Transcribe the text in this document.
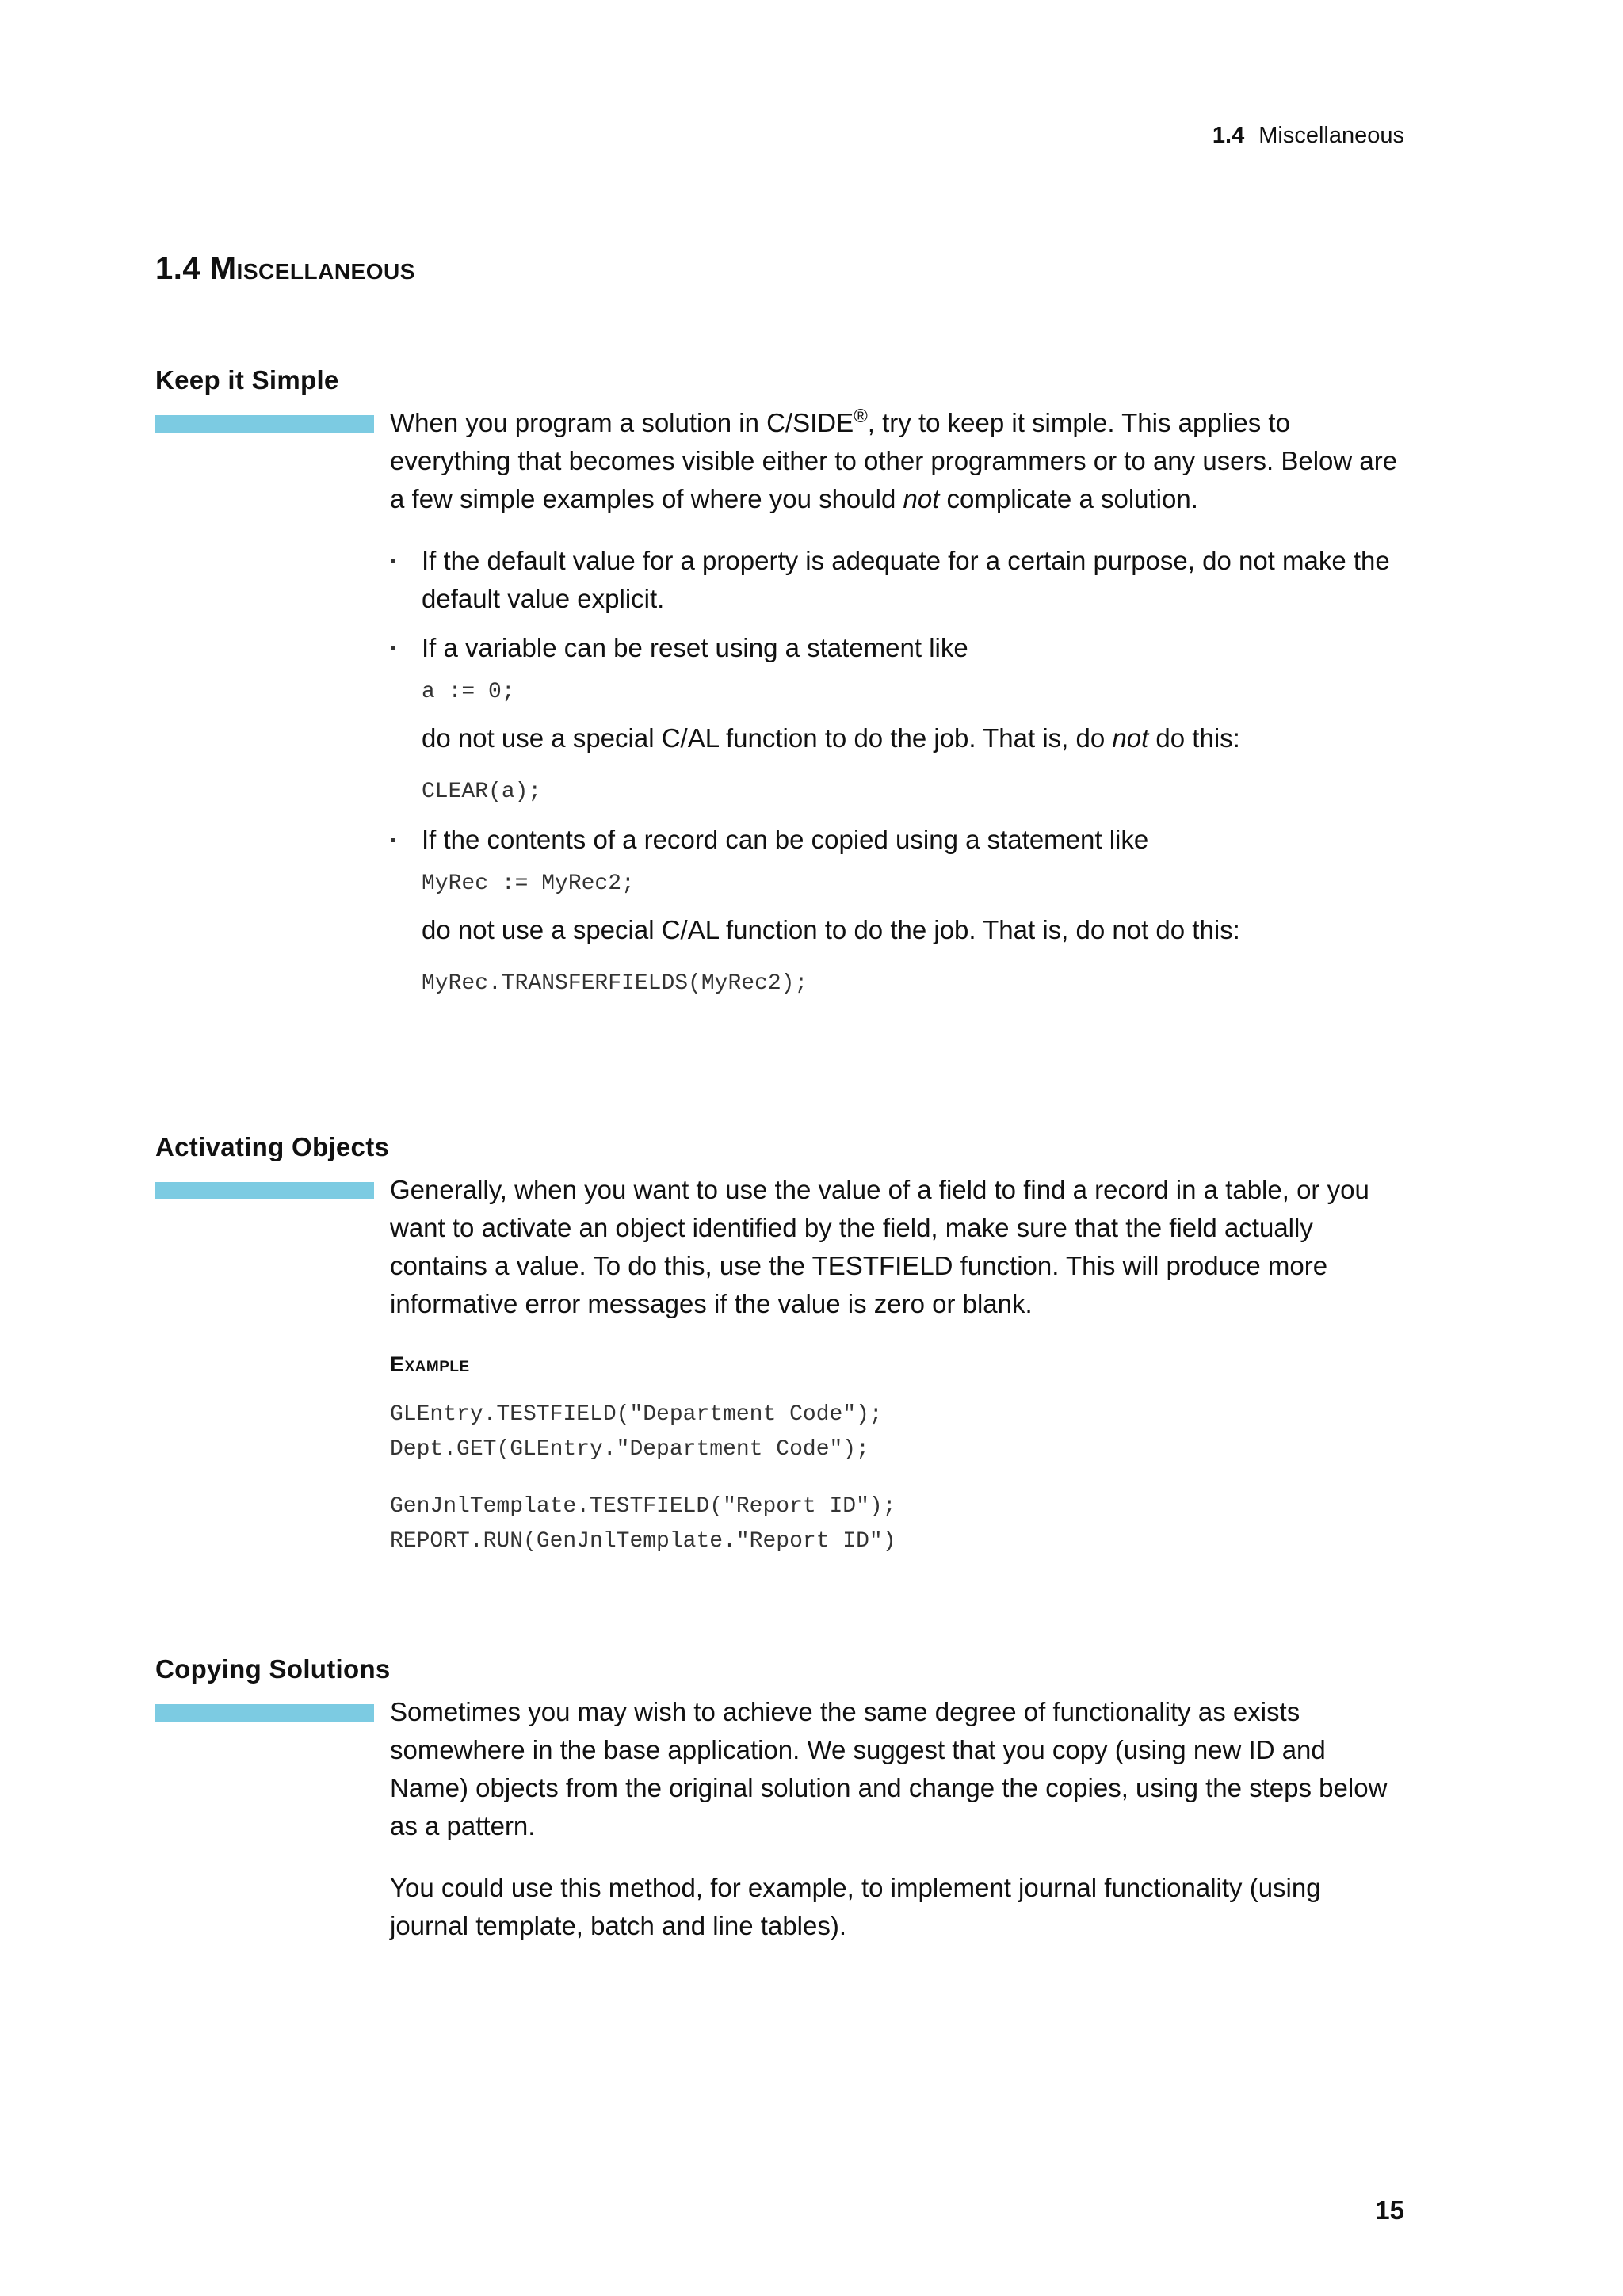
1.4 Miscellaneous
1.4 Miscellaneous
Keep it Simple

When you program a solution in C/SIDE®, try to keep it simple. This applies to everything that becomes visible either to other programmers or to any users. Below are a few simple examples of where you should not complicate a solution.

If the default value for a property is adequate for a certain purpose, do not make the default value explicit.
If a variable can be reset using a statement like
a := 0;

do not use a special C/AL function to do the job. That is, do not do this:

CLEAR(a);
If the contents of a record can be copied using a statement like
MyRec := MyRec2;

do not use a special C/AL function to do the job. That is, do not do this:

MyRec.TRANSFERFIELDS(MyRec2);
Activating Objects

Generally, when you want to use the value of a field to find a record in a table, or you want to activate an object identified by the field, make sure that the field actually contains a value. To do this, use the TESTFIELD function. This will produce more informative error messages if the value is zero or blank.

Example

GLEntry.TESTFIELD("Department Code");
Dept.GET(GLEntry."Department Code");
GenJnlTemplate.TESTFIELD("Report ID");
REPORT.RUN(GenJnlTemplate."Report ID")
Copying Solutions

Sometimes you may wish to achieve the same degree of functionality as exists somewhere in the base application. We suggest that you copy (using new ID and Name) objects from the original solution and change the copies, using the steps below as a pattern.

You could use this method, for example, to implement journal functionality (using journal template, batch and line tables).

15
